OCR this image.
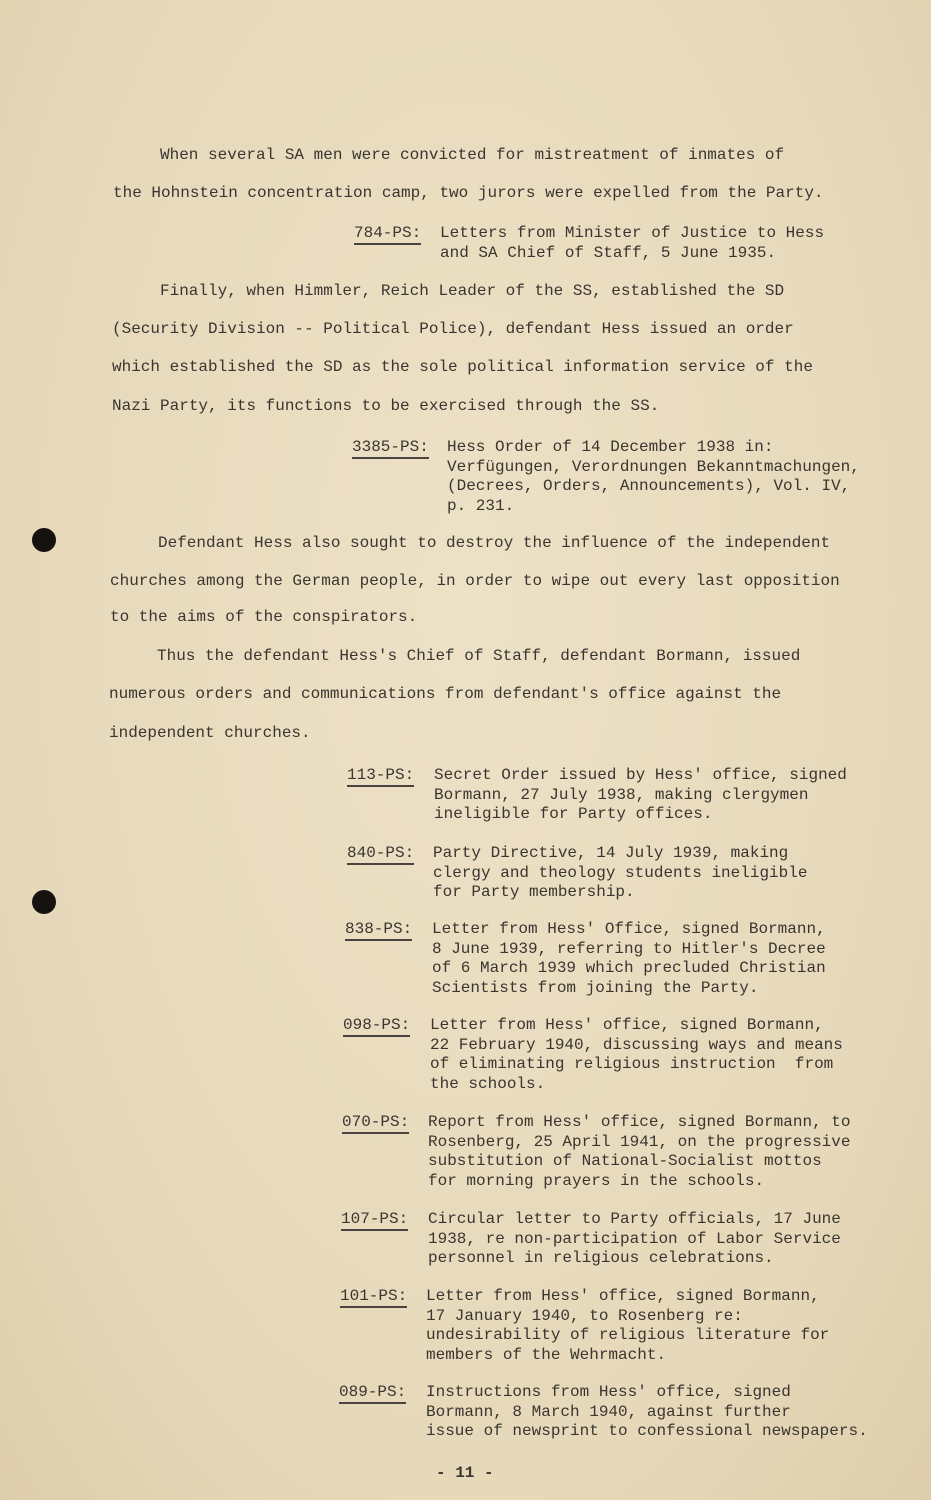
When several SA men were convicted for mistreatment of inmates of
the Hohnstein concentration camp, two jurors were expelled from the Party.
784-PS: Letters from Minister of Justice to Hess
and SA Chief of Staff, 5 June 1935.
Finally, when Himmler, Reich Leader of the SS, established the SD
(Security Division -- Political Police), defendant Hess issued an order
which established the SD as the sole political information service of the
Nazi Party, its functions to be exercised through the SS.
3385-PS: Hess Order of 14 December 1938 in:
Verfügungen, Verordnungen Bekanntmachungen,
(Decrees, Orders, Announcements), Vol. IV,
p. 231.
Defendant Hess also sought to destroy the influence of the independent
churches among the German people, in order to wipe out every last opposition
to the aims of the conspirators.
Thus the defendant Hess's Chief of Staff, defendant Bormann, issued
numerous orders and communications from defendant's office against the
independent churches.
113-PS: Secret Order issued by Hess' office, signed
Bormann, 27 July 1938, making clergymen
ineligible for Party offices.
840-PS: Party Directive, 14 July 1939, making
clergy and theology students ineligible
for Party membership.
838-PS: Letter from Hess' Office, signed Bormann,
8 June 1939, referring to Hitler's Decree
of 6 March 1939 which precluded Christian
Scientists from joining the Party.
098-PS: Letter from Hess' office, signed Bormann,
22 February 1940, discussing ways and means
of eliminating religious instruction  from
the schools.
070-PS: Report from Hess' office, signed Bormann, to
Rosenberg, 25 April 1941, on the progressive
substitution of National-Socialist mottos
for morning prayers in the schools.
107-PS: Circular letter to Party officials, 17 June
1938, re non-participation of Labor Service
personnel in religious celebrations.
101-PS: Letter from Hess' office, signed Bormann,
17 January 1940, to Rosenberg re:
undesirability of religious literature for
members of the Wehrmacht.
089-PS: Instructions from Hess' office, signed
Bormann, 8 March 1940, against further
issue of newsprint to confessional newspapers.
- 11 -
